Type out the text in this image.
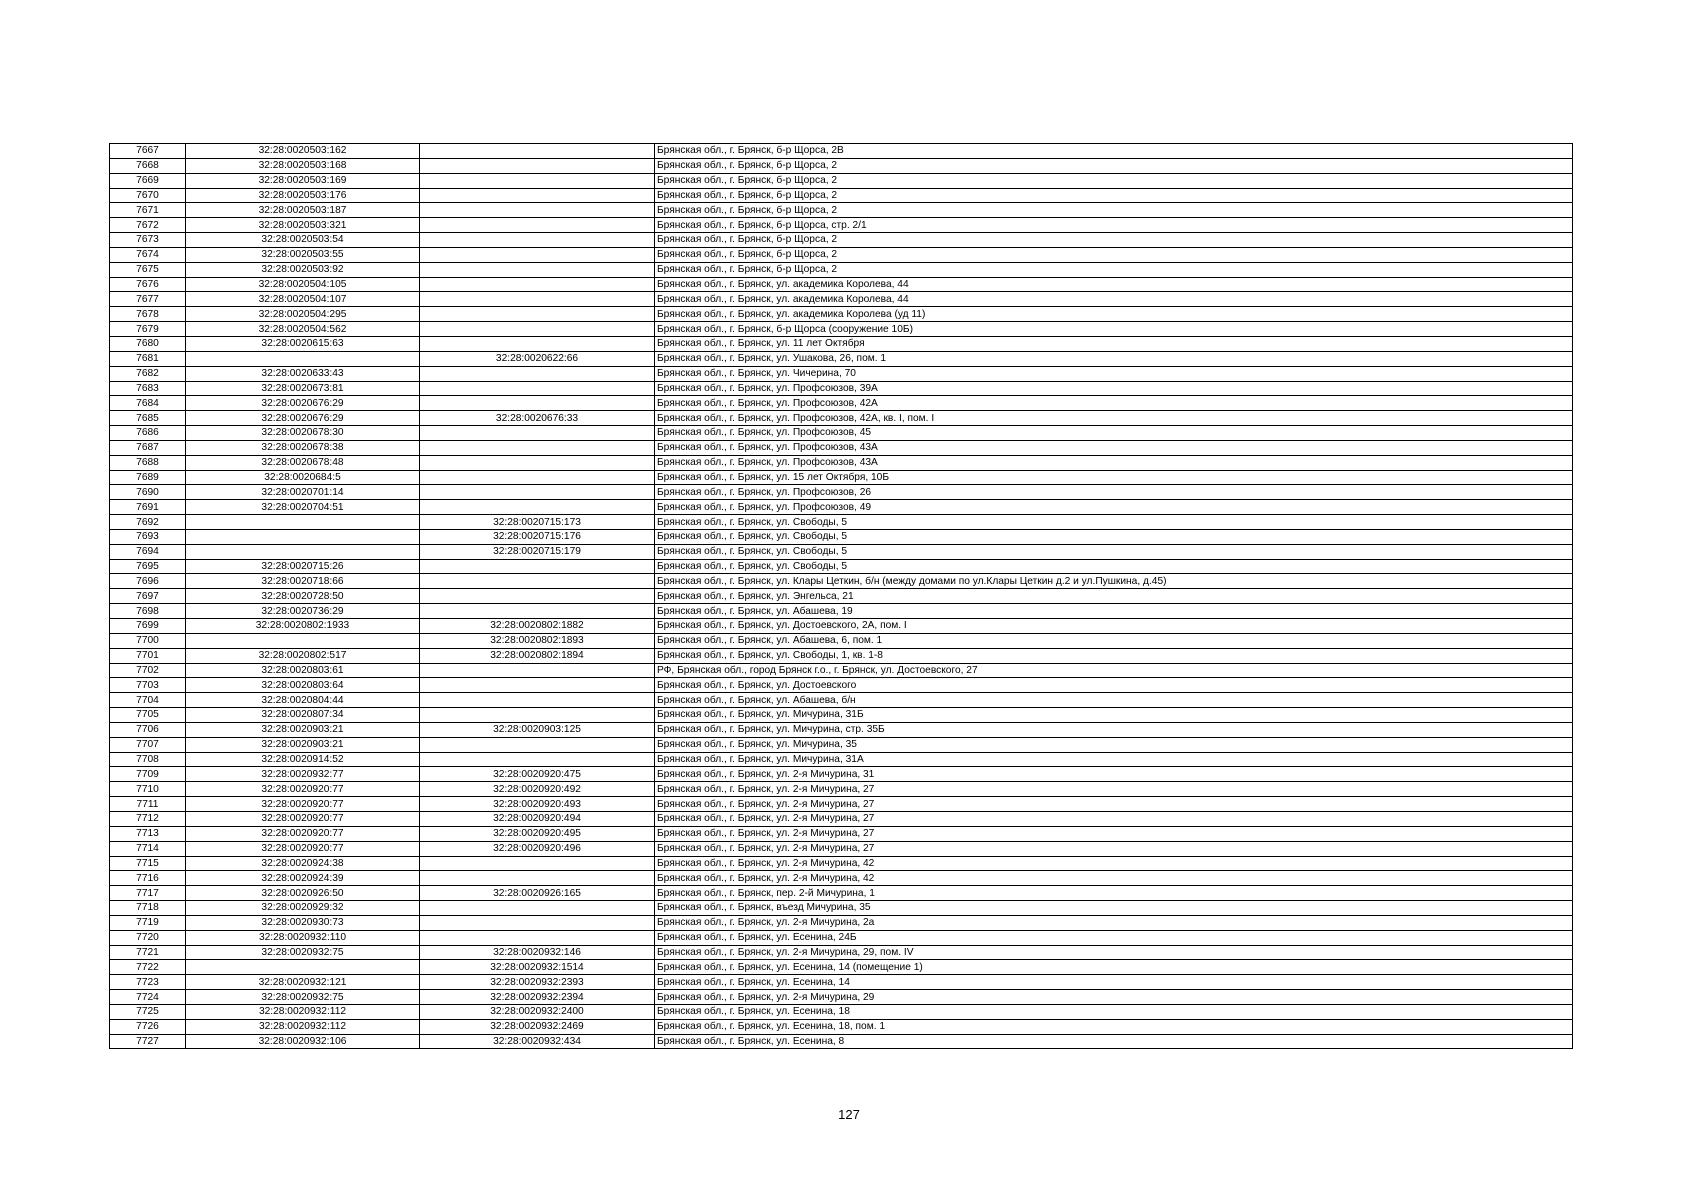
7667	32:28:0020503:162		Брянская обл., г. Брянск, б-р Щорса, 2В
7668	32:28:0020503:168		Брянская обл., г. Брянск, б-р Щорса, 2
7669	32:28:0020503:169		Брянская обл., г. Брянск, б-р Щорса, 2
7670	32:28:0020503:176		Брянская обл., г. Брянск, б-р Щорса, 2
7671	32:28:0020503:187		Брянская обл., г. Брянск, б-р Щорса, 2
7672	32:28:0020503:321		Брянская обл., г. Брянск, б-р Щорса, стр. 2/1
7673	32:28:0020503:54		Брянская обл., г. Брянск, б-р Щорса, 2
7674	32:28:0020503:55		Брянская обл., г. Брянск, б-р Щорса, 2
7675	32:28:0020503:92		Брянская обл., г. Брянск, б-р Щорса, 2
7676	32:28:0020504:105		Брянская обл., г. Брянск, ул. академика Королева, 44
7677	32:28:0020504:107		Брянская обл., г. Брянск, ул. академика Королева, 44
7678	32:28:0020504:295		Брянская обл., г. Брянск, ул. академика Королева (уд 11)
7679	32:28:0020504:562		Брянская обл., г. Брянск, б-р Щорса (сооружение 10Б)
7680	32:28:0020615:63		Брянская обл., г. Брянск, ул. 11 лет Октября
7681		32:28:0020622:66	Брянская обл., г. Брянск, ул. Ушакова, 26, пом. 1
7682	32:28:0020633:43		Брянская обл., г. Брянск, ул. Чичерина, 70
7683	32:28:0020673:81		Брянская обл., г. Брянск, ул. Профсоюзов, 39А
7684	32:28:0020676:29		Брянская обл., г. Брянск, ул. Профсоюзов, 42А
7685	32:28:0020676:29	32:28:0020676:33	Брянская обл., г. Брянск, ул. Профсоюзов, 42А, кв. I, пом. I
7686	32:28:0020678:30		Брянская обл., г. Брянск, ул. Профсоюзов, 45
7687	32:28:0020678:38		Брянская обл., г. Брянск, ул. Профсоюзов, 43А
7688	32:28:0020678:48		Брянская обл., г. Брянск, ул. Профсоюзов, 43А
7689	32:28:0020684:5		Брянская обл., г. Брянск, ул. 15 лет Октября, 10Б
7690	32:28:0020701:14		Брянская обл., г. Брянск, ул. Профсоюзов, 26
7691	32:28:0020704:51		Брянская обл., г. Брянск, ул. Профсоюзов, 49
7692		32:28:0020715:173	Брянская обл., г. Брянск, ул. Свободы, 5
7693		32:28:0020715:176	Брянская обл., г. Брянск, ул. Свободы, 5
7694		32:28:0020715:179	Брянская обл., г. Брянск, ул. Свободы, 5
7695	32:28:0020715:26		Брянская обл., г. Брянск, ул. Свободы, 5
7696	32:28:0020718:66		Брянская обл., г. Брянск, ул. Клары Цеткин, б/н (между домами по ул.Клары Цеткин д.2 и ул.Пушкина, д.45)
7697	32:28:0020728:50		Брянская обл., г. Брянск, ул. Энгельса, 21
7698	32:28:0020736:29		Брянская обл., г. Брянск, ул. Абашева, 19
7699	32:28:0020802:1933	32:28:0020802:1882	Брянская обл., г. Брянск, ул. Достоевского, 2А, пом. I
7700		32:28:0020802:1893	Брянская обл., г. Брянск, ул. Абашева, 6, пом. 1
7701	32:28:0020802:517	32:28:0020802:1894	Брянская обл., г. Брянск, ул. Свободы, 1, кв. 1-8
7702	32:28:0020803:61		РФ, Брянская обл., город Брянск г.о., г. Брянск, ул. Достоевского, 27
7703	32:28:0020803:64		Брянская обл., г. Брянск, ул. Достоевского
7704	32:28:0020804:44		Брянская обл., г. Брянск, ул. Абашева, б/н
7705	32:28:0020807:34		Брянская обл., г. Брянск, ул. Мичурина, 31Б
7706	32:28:0020903:21	32:28:0020903:125	Брянская обл., г. Брянск, ул. Мичурина, стр. 35Б
7707	32:28:0020903:21		Брянская обл., г. Брянск, ул. Мичурина, 35
7708	32:28:0020914:52		Брянская обл., г. Брянск, ул. Мичурина, 31А
7709	32:28:0020932:77	32:28:0020920:475	Брянская обл., г. Брянск, ул. 2-я Мичурина, 31
7710	32:28:0020920:77	32:28:0020920:492	Брянская обл., г. Брянск, ул. 2-я Мичурина, 27
7711	32:28:0020920:77	32:28:0020920:493	Брянская обл., г. Брянск, ул. 2-я Мичурина, 27
7712	32:28:0020920:77	32:28:0020920:494	Брянская обл., г. Брянск, ул. 2-я Мичурина, 27
7713	32:28:0020920:77	32:28:0020920:495	Брянская обл., г. Брянск, ул. 2-я Мичурина, 27
7714	32:28:0020920:77	32:28:0020920:496	Брянская обл., г. Брянск, ул. 2-я Мичурина, 27
7715	32:28:0020924:38		Брянская обл., г. Брянск, ул. 2-я Мичурина, 42
7716	32:28:0020924:39		Брянская обл., г. Брянск, ул. 2-я Мичурина, 42
7717	32:28:0020926:50	32:28:0020926:165	Брянская обл., г. Брянск, пер. 2-й Мичурина, 1
7718	32:28:0020929:32		Брянская обл., г. Брянск, въезд Мичурина, 35
7719	32:28:0020930:73		Брянская обл., г. Брянск, ул. 2-я Мичурина, 2а
7720	32:28:0020932:110		Брянская обл., г. Брянск, ул. Есенина, 24Б
7721	32:28:0020932:75	32:28:0020932:146	Брянская обл., г. Брянск, ул. 2-я Мичурина, 29, пом. IV
7722		32:28:0020932:1514	Брянская обл., г. Брянск, ул. Есенина, 14 (помещение 1)
7723	32:28:0020932:121	32:28:0020932:2393	Брянская обл., г. Брянск, ул. Есенина, 14
7724	32:28:0020932:75	32:28:0020932:2394	Брянская обл., г. Брянск, ул. 2-я Мичурина, 29
7725	32:28:0020932:112	32:28:0020932:2400	Брянская обл., г. Брянск, ул. Есенина, 18
7726	32:28:0020932:112	32:28:0020932:2469	Брянская обл., г. Брянск, ул. Есенина, 18, пом. 1
7727	32:28:0020932:106	32:28:0020932:434	Брянская обл., г. Брянск, ул. Есенина, 8
127
